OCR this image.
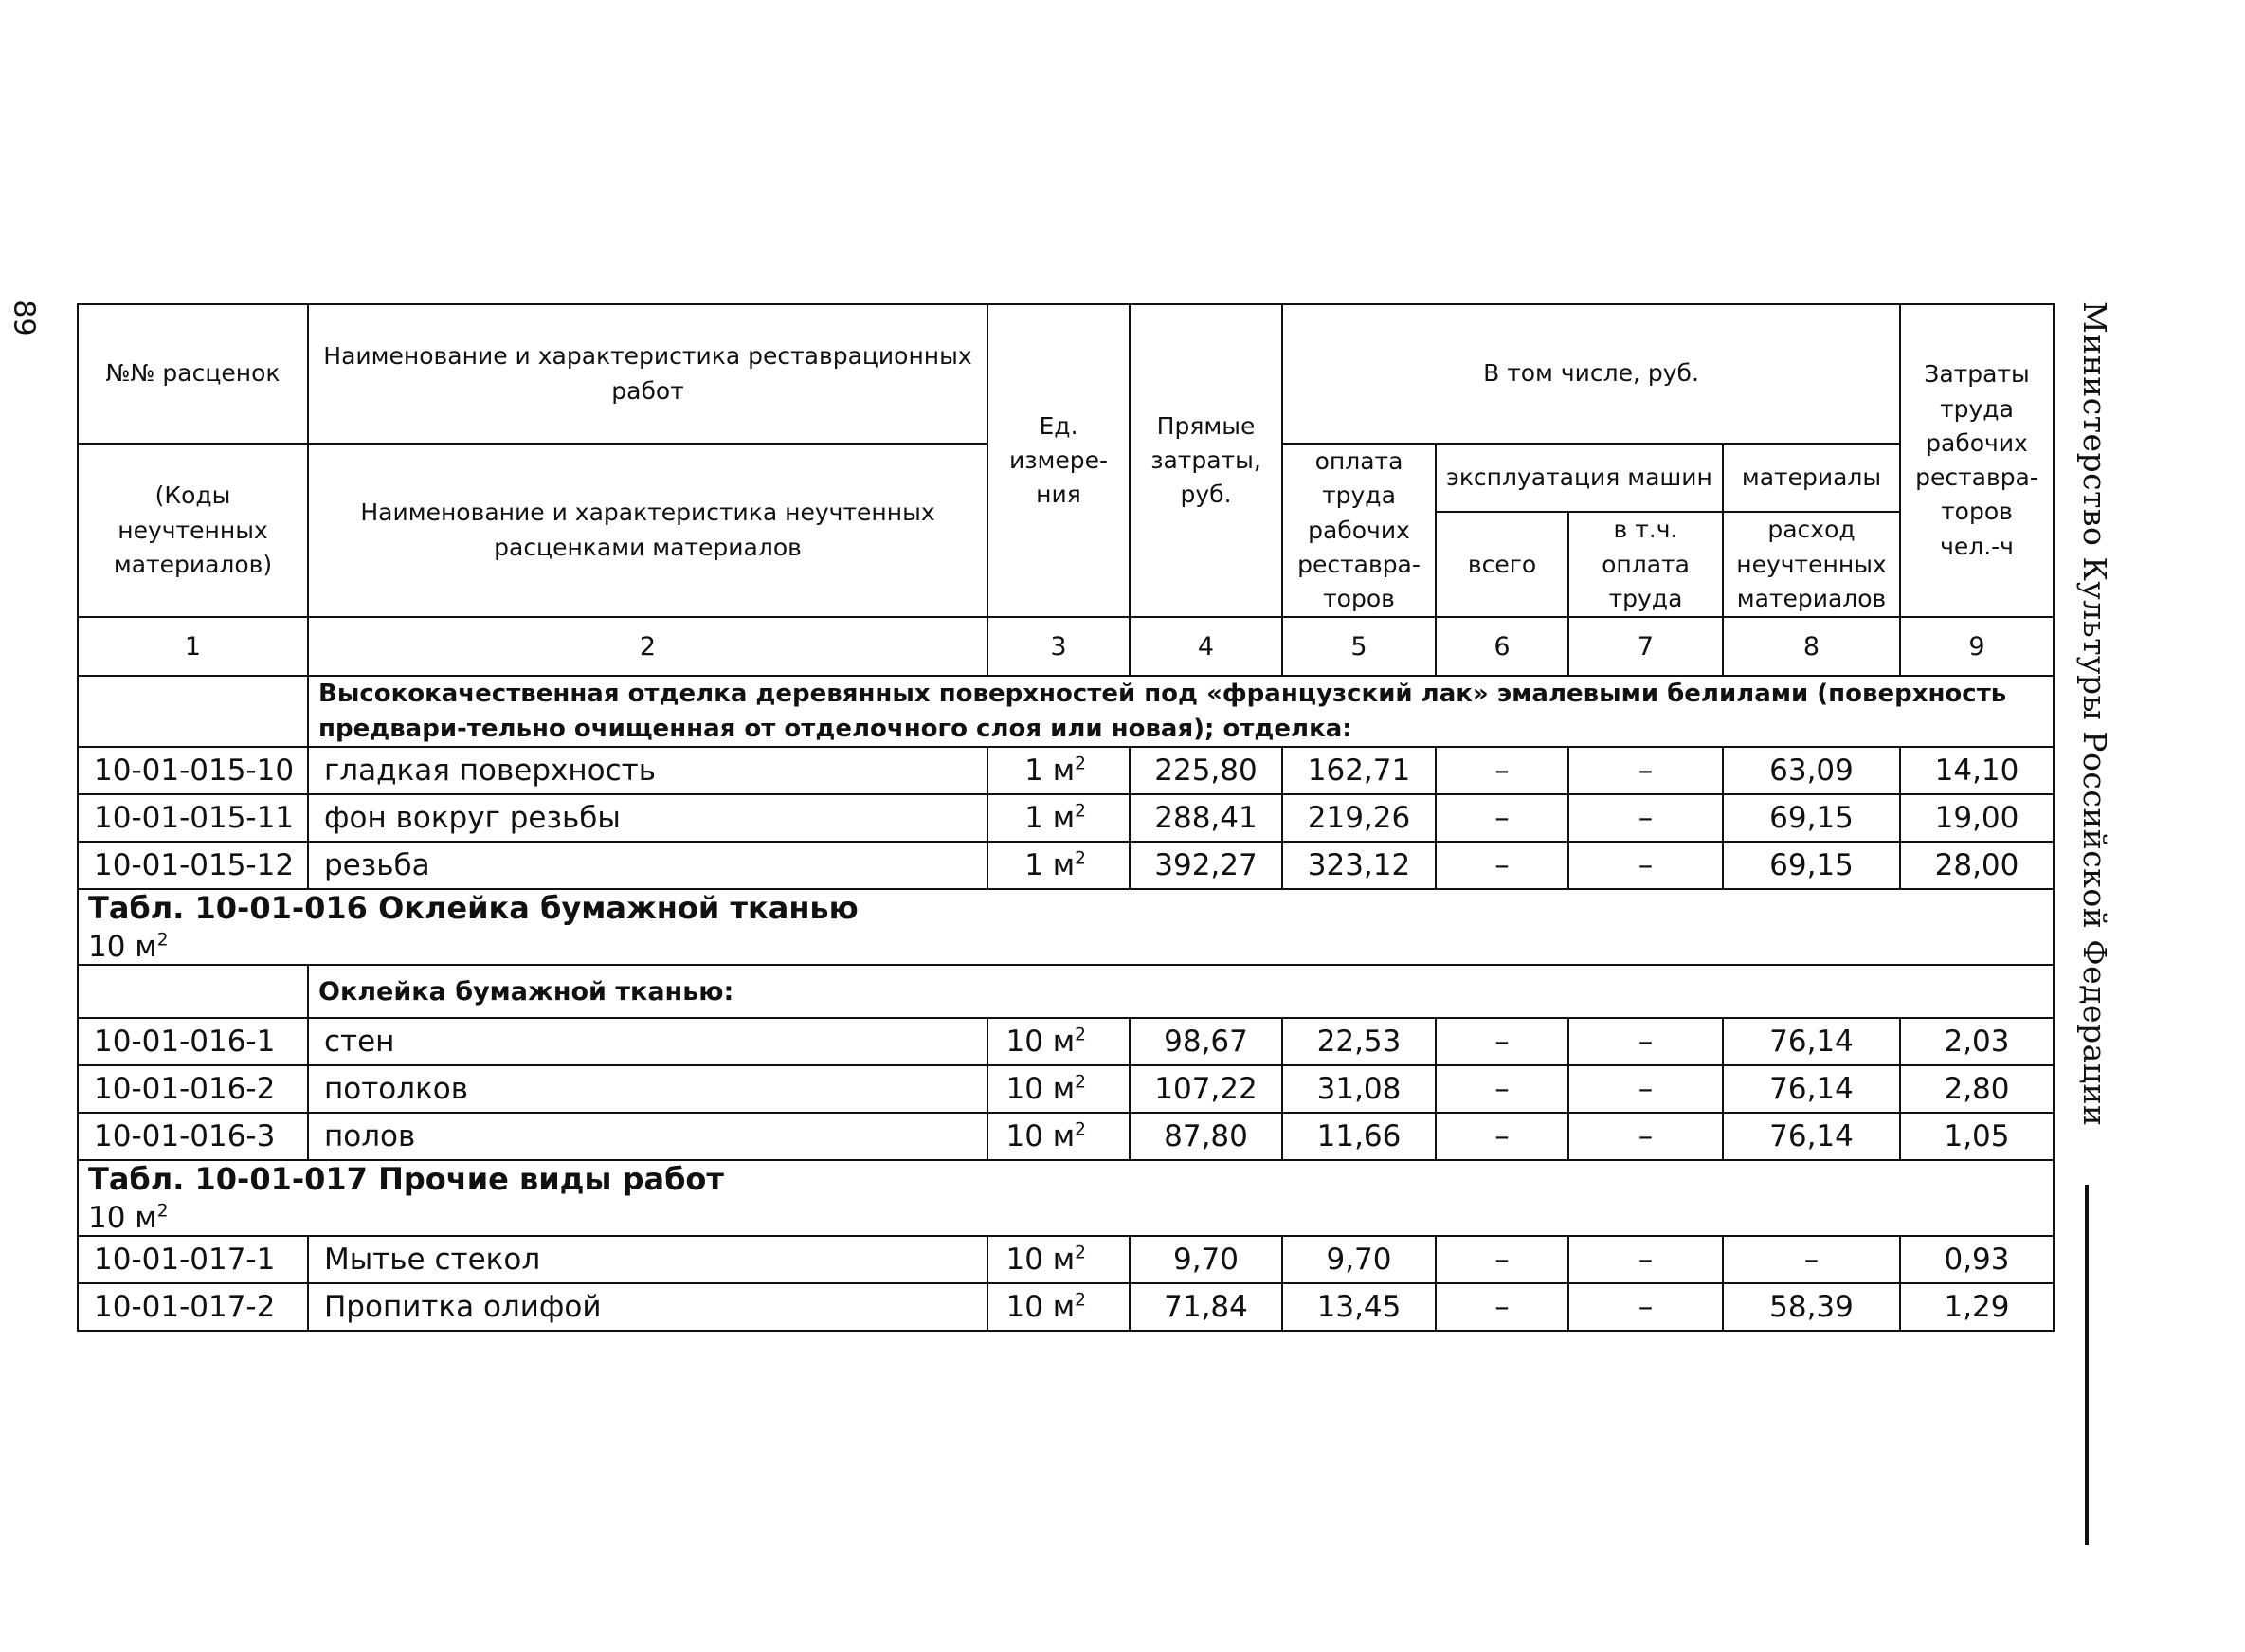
89	Министерство Культуры Российской Федерации
№№ расценок	Наименование и характеристика реставрационных работ	Ед. измере-ния	Прямые затраты, руб.	В том числе, руб.				Затраты труда рабочих реставра-торов чел.-ч
(Коды неучтенных материалов)	Наименование и характеристика неучтенных расценками материалов			оплата труда рабочих реставра-торов	эксплуатация машин		материалы	
					всего	в т.ч. оплата труда	расход неучтенных материалов	
1	2	3	4	5	6	7	8	9
	Высококачественная отделка деревянных поверхностей под «французский лак» эмалевыми белилами (поверхность предвари-тельно очищенная от отделочного слоя или новая); отделка:							
10-01-015-10	гладкая поверхность	1 $м^2$	225,80	162,71	–	–	63,09	14,10
10-01-015-11	фон вокруг резьбы	1 $м^2$	288,41	219,26	–	–	69,15	19,00
10-01-015-12	резьба	1 $м^2$	392,27	323,12	–	–	69,15	28,00

Табл. 10-01-016 Оклейка бумажной тканью
10 $м^2$

	Оклейка бумажной тканью:							
10-01-016-1	стен	10 $м^2$	98,67	22,53	–	–	76,14	2,03
10-01-016-2	потолков	10 $м^2$	107,22	31,08	–	–	76,14	2,80
10-01-016-3	полов	10 $м^2$	87,80	11,66	–	–	76,14	1,05

Табл. 10-01-017 Прочие виды работ
10 $м^2$

10-01-017-1	Мытье стекол	10 $м^2$	9,70	9,70	–	–	–	0,93
10-01-017-2	Пропитка олифой	10 $м^2$	71,84	13,45	–	–	58,39	1,29
